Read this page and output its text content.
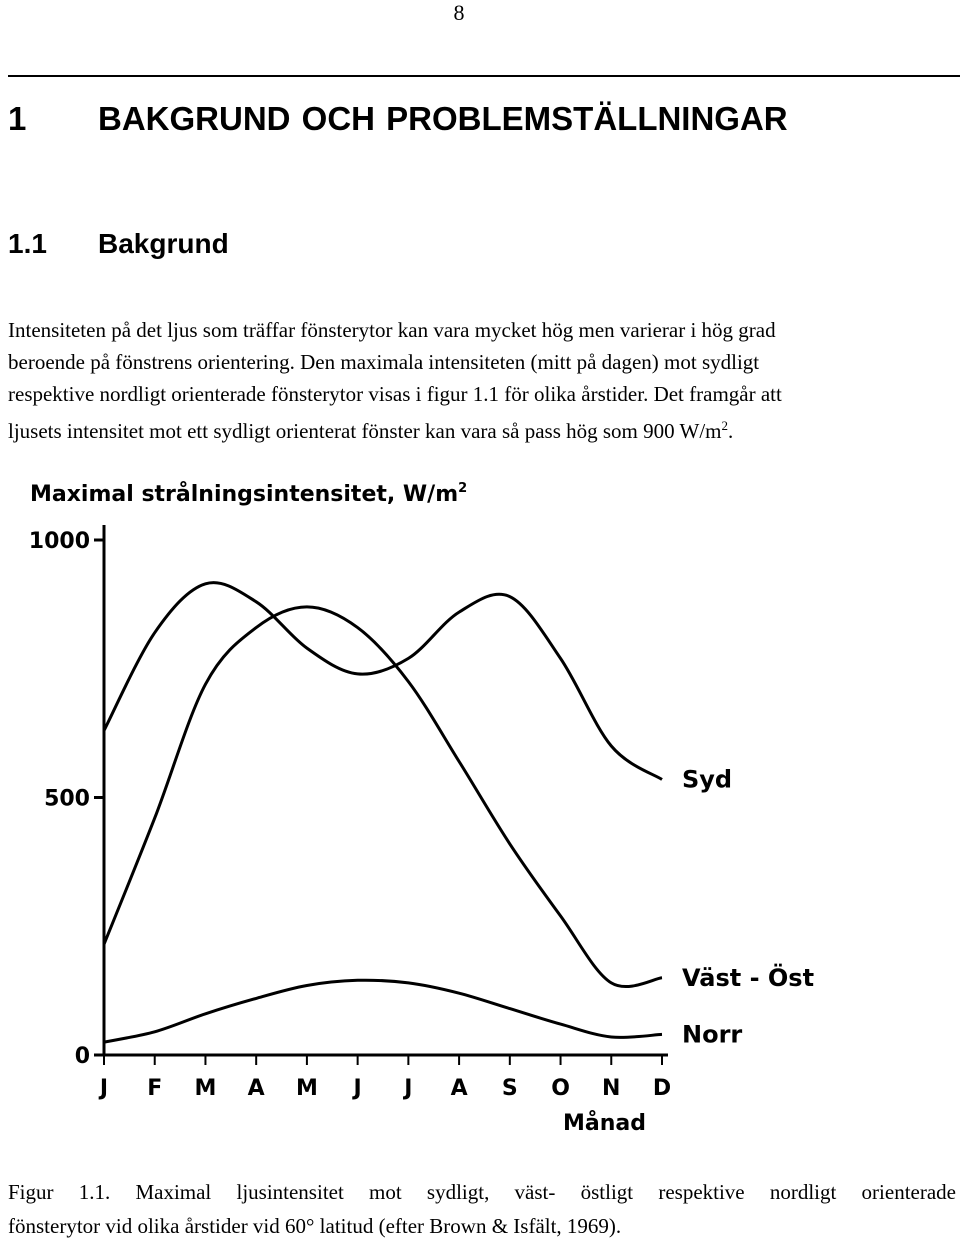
8
1 BAKGRUND OCH PROBLEMSTÄLLNINGAR
1.1 Bakgrund

Intensiteten på det ljus som träffar fönsterytor kan vara mycket hög men varierar i hög grad
beroende på fönstrens orientering. Den maximala intensiteten (mitt på dagen) mot sydligt
respektive nordligt orienterade fönsterytor visas i figur 1.1 för olika årstider. Det framgår att
ljusets intensitet mot ett sydligt orienterat fönster kan vara så pass hög som 900 $W/m^2$.

Maximal strålningsintensitet, $W/m^2$
0
500
1000
J F M A M J J A S O N D
Syd
Väst - Öst
Norr
Månad

Figur 1.1. Maximal ljusintensitet mot sydligt, väst- östligt respektive nordligt orienterade
fönsterytor vid olika årstider vid 60° latitud (efter Brown & Isfält, 1969).
